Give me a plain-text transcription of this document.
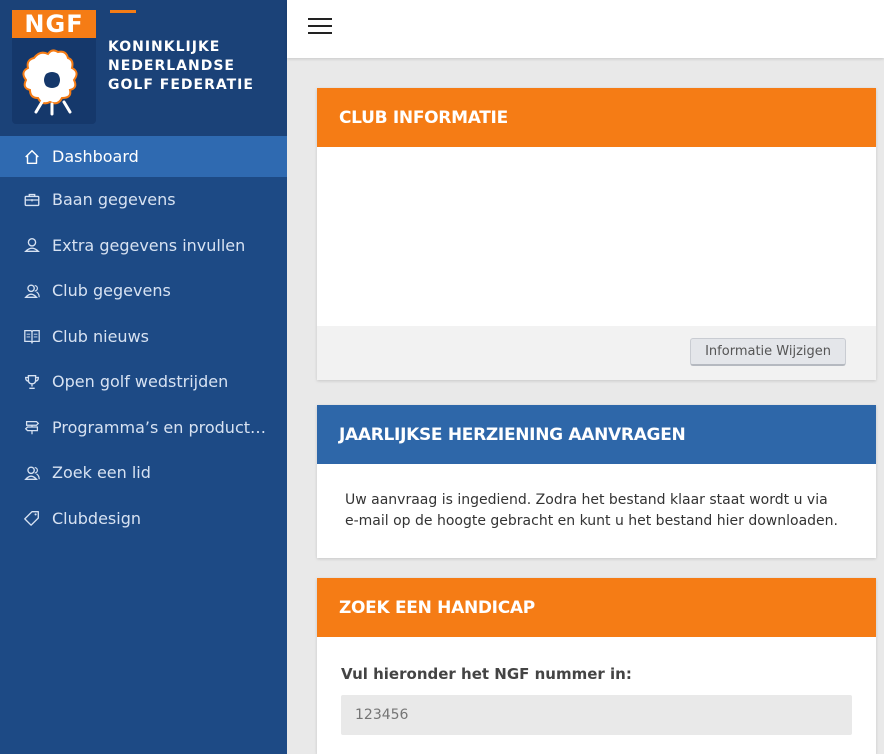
NGF
KONINKLIJKE
NEDERLANDSE
GOLF FEDERATIE
Dashboard
Baan gegevens
Extra gegevens invullen
Club gegevens
Club nieuws
Open golf wedstrijden
Programma’s en product…
Zoek een lid
Clubdesign
CLUB INFORMATIE
Informatie Wijzigen
JAARLIJKSE HERZIENING AANVRAGEN
Uw aanvraag is ingediend. Zodra het bestand klaar staat wordt u via
e-mail op de hoogte gebracht en kunt u het bestand hier downloaden.
ZOEK EEN HANDICAP
Vul hieronder het NGF nummer in:
123456
